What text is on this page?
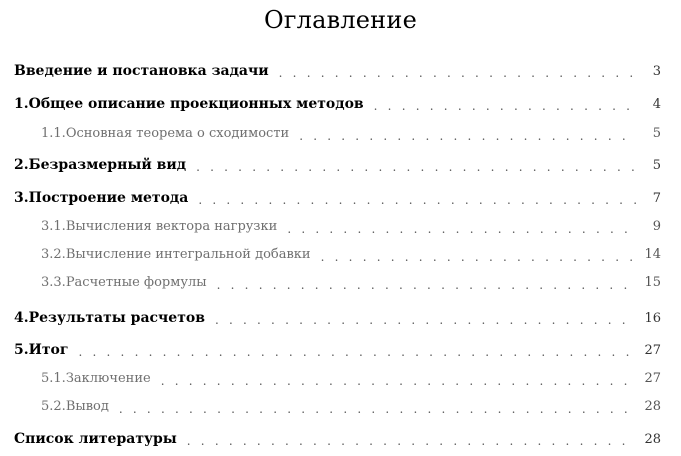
Оглавление
Введение и постановка задачи . . .	3
1. Общее описание проекционных методов . . .	4
1.1. Основная теорема о сходимости . . .	5
2. Безразмерный вид . . .	5
3. Построение метода . . .	7
3.1. Вычисления вектора нагрузки . . .	9
3.2. Вычисление интегральной добавки . . .	14
3.3. Расчетные формулы . . .	15
4. Результаты расчетов . . .	16
5. Итог . . .	27
5.1. Заключение . . .	27
5.2. Вывод . . .	28
Список литературы . . .	28
